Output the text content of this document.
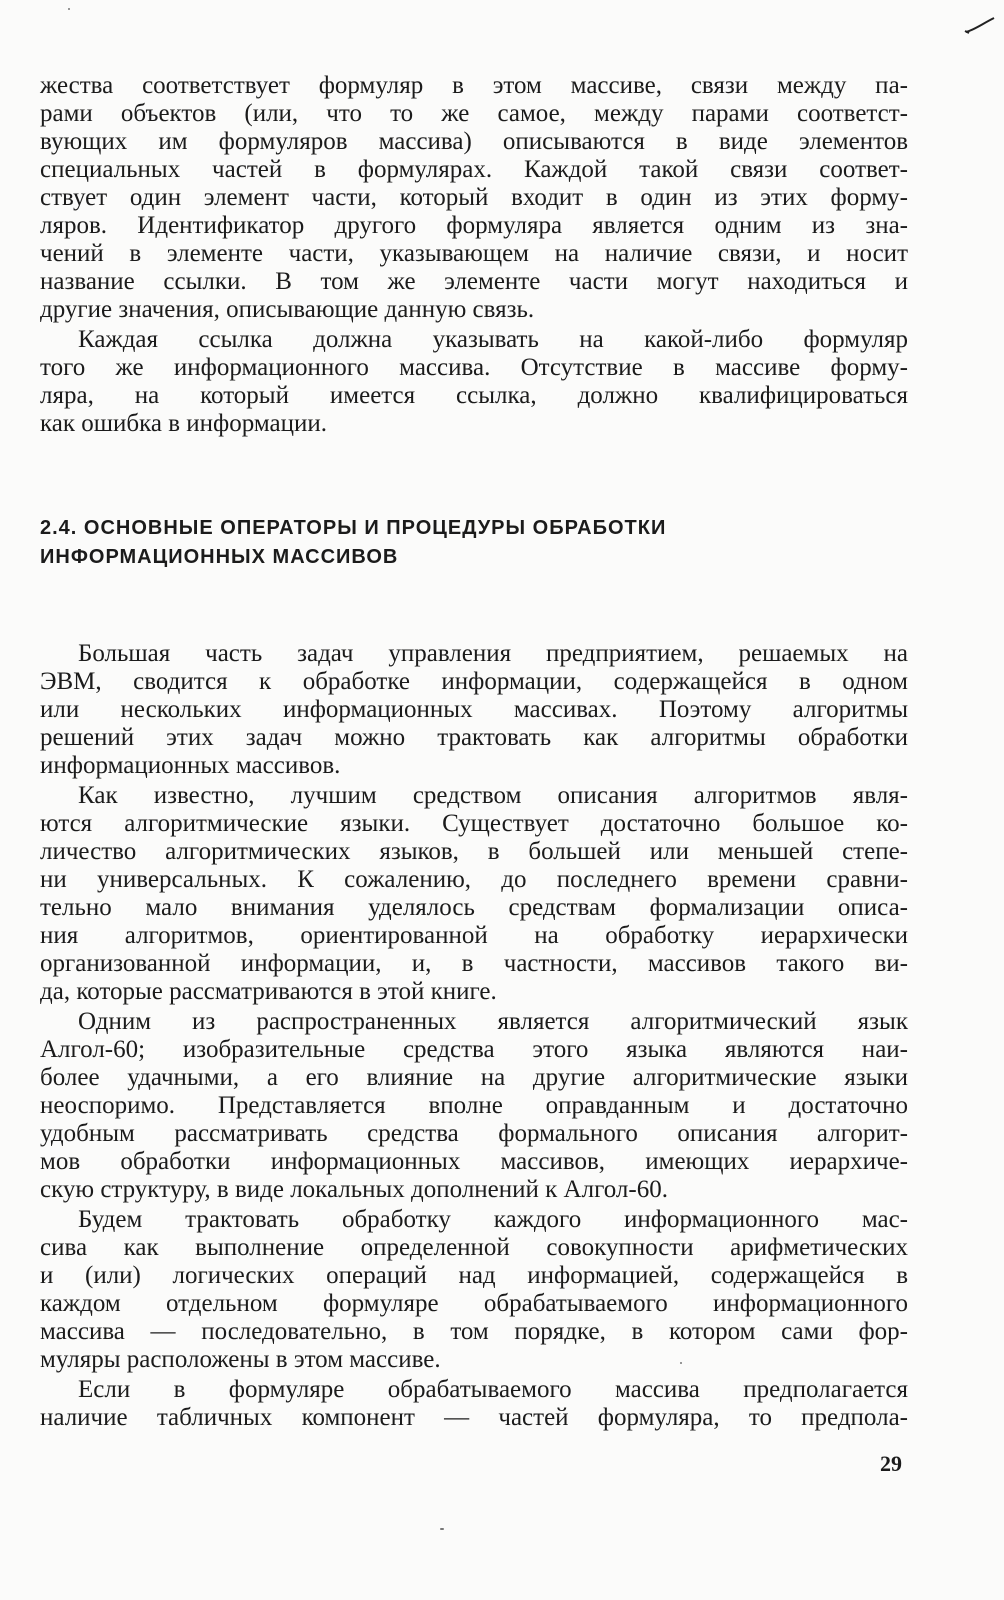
жества соответствует формуляр в этом массиве, связи между па-
рами объектов (или, что то же самое, между парами соответст-
вующих им формуляров массива) описываются в виде элементов
специальных частей в формулярах. Каждой такой связи соответ-
ствует один элемент части, который входит в один из этих форму-
ляров. Идентификатор другого формуляра является одним из зна-
чений в элементе части, указывающем на наличие связи, и носит
название ссылки. В том же элементе части могут находиться и
другие значения, описывающие данную связь.
Каждая ссылка должна указывать на какой-либо формуляр
того же информационного массива. Отсутствие в массиве форму-
ляра, на который имеется ссылка, должно квалифицироваться
как ошибка в информации.
2.4. ОСНОВНЫЕ ОПЕРАТОРЫ И ПРОЦЕДУРЫ ОБРАБОТКИ
ИНФОРМАЦИОННЫХ МАССИВОВ
Большая часть задач управления предприятием, решаемых на
ЭВМ, сводится к обработке информации, содержащейся в одном
или нескольких информационных массивах. Поэтому алгоритмы
решений этих задач можно трактовать как алгоритмы обработки
информационных массивов.
Как известно, лучшим средством описания алгоритмов явля-
ются алгоритмические языки. Существует достаточно большое ко-
личество алгоритмических языков, в большей или меньшей степе-
ни универсальных. К сожалению, до последнего времени сравни-
тельно мало внимания уделялось средствам формализации описа-
ния алгоритмов, ориентированной на обработку иерархически
организованной информации, и, в частности, массивов такого ви-
да, которые рассматриваются в этой книге.
Одним из распространенных является алгоритмический язык
Алгол-60; изобразительные средства этого языка являются наи-
более удачными, а его влияние на другие алгоритмические языки
неоспоримо. Представляется вполне оправданным и достаточно
удобным рассматривать средства формального описания алгорит-
мов обработки информационных массивов, имеющих иерархиче-
скую структуру, в виде локальных дополнений к Алгол-60.
Будем трактовать обработку каждого информационного мас-
сива как выполнение определенной совокупности арифметических
и (или) логических операций над информацией, содержащейся в
каждом отдельном формуляре обрабатываемого информационного
массива — последовательно, в том порядке, в котором сами фор-
муляры расположены в этом массиве.
Если в формуляре обрабатываемого массива предполагается
наличие табличных компонент — частей формуляра, то предпола-
29
